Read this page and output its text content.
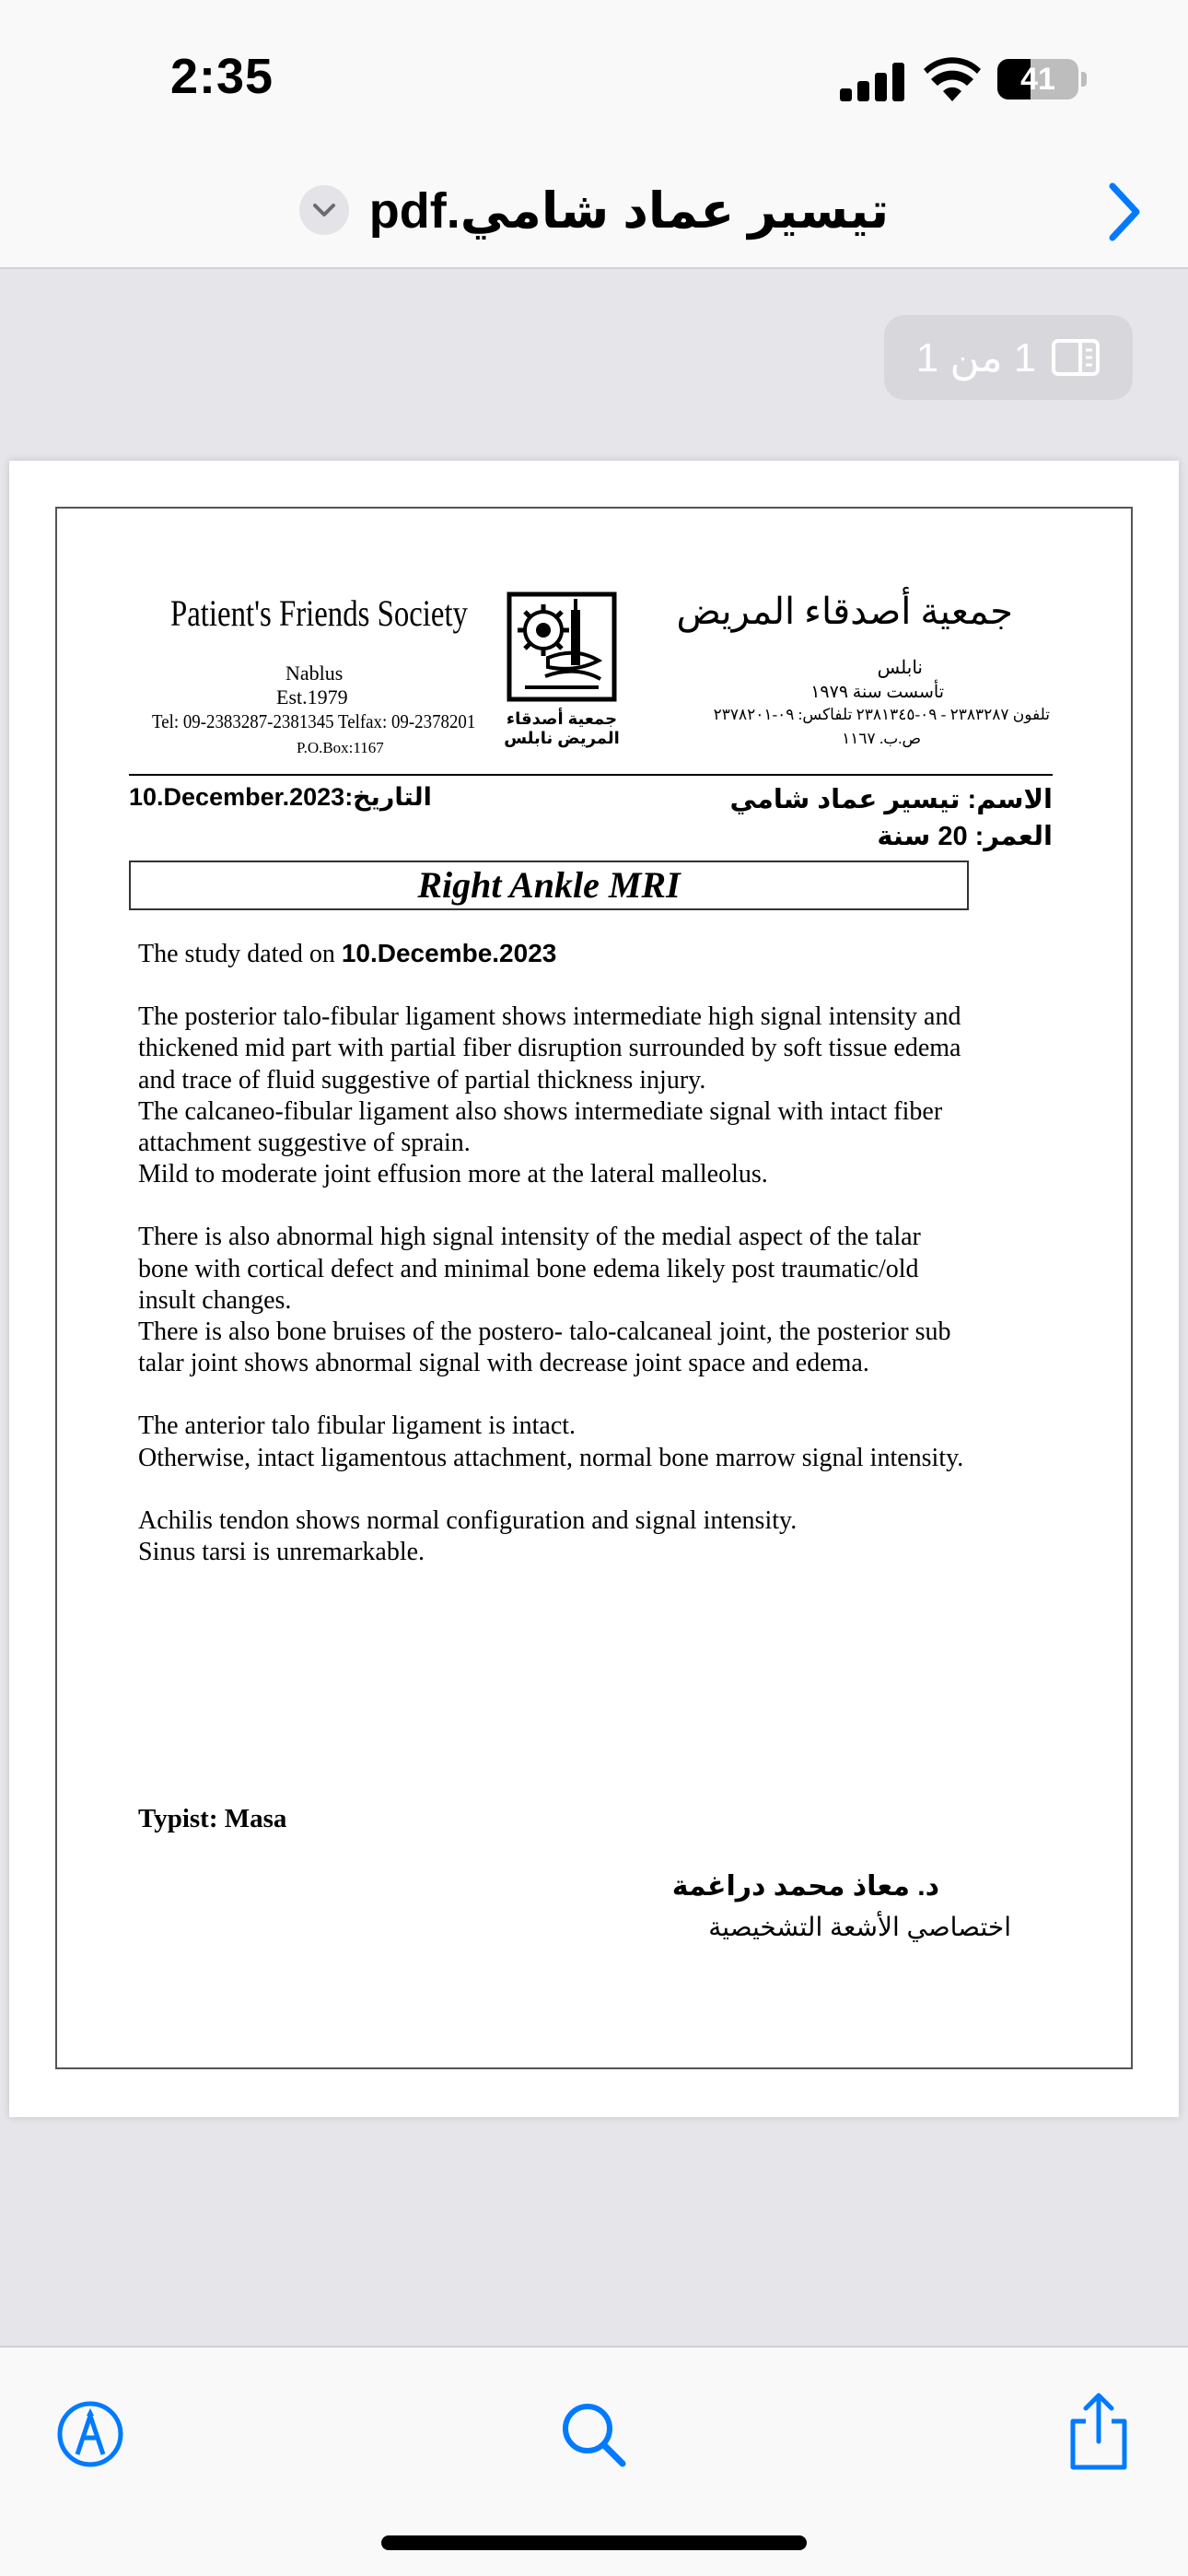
2:35	41
تيسير عماد شامي.pdf
1 من 1
Patient's Friends Society
Nablus
Est.1979
Tel: 09-2383287-2381345 Telfax: 09-2378201
P.O.Box:1167
جمعية أصدقاء المريض نابلس
جمعية أصدقاء المريض
نابلس
تأسست سنة ١٩٧٩
تلفون ٢٣٨٣٢٨٧ - ٠٩-٢٣٨١٣٤٥ تلفاكس: ٠٩-٢٣٧٨٢٠١
ص.ب. ١١٦٧
التاريخ:10.December.2023	الاسم: تيسير عماد شامي
العمر: 20 سنة
Right Ankle MRI

The study dated on 10.Decembe.2023

The posterior talo-fibular ligament shows intermediate high signal intensity and thickened mid part with partial fiber disruption surrounded by soft tissue edema and trace of fluid suggestive of partial thickness injury.

The calcaneo-fibular ligament also shows intermediate signal with intact fiber attachment suggestive of sprain.

Mild to moderate joint effusion more at the lateral malleolus.

There is also abnormal high signal intensity of the medial aspect of the talar bone with cortical defect and minimal bone edema likely post traumatic/old insult changes.

There is also bone bruises of the postero- talo-calcaneal joint, the posterior sub talar joint shows abnormal signal with decrease joint space and edema.

The anterior talo fibular ligament is intact.

Otherwise, intact ligamentous attachment, normal bone marrow signal intensity.

Achilis tendon shows normal configuration and signal intensity.

Sinus tarsi is unremarkable.

Typist: Masa
د. معاذ محمد دراغمة
اختصاصي الأشعة التشخيصية
